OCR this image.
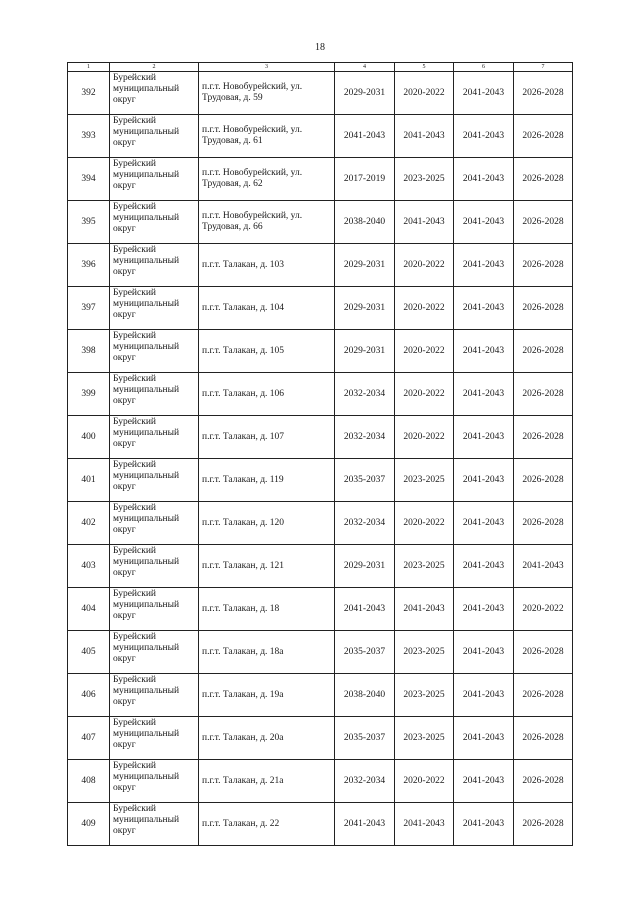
18
1	2	3	4	5	6	7
392	Бурейский муниципальный округ	п.г.т. Новобурейский, ул. Трудовая, д. 59	2029-2031	2020-2022	2041-2043	2026-2028
393	Бурейский муниципальный округ	п.г.т. Новобурейский, ул. Трудовая, д. 61	2041-2043	2041-2043	2041-2043	2026-2028
394	Бурейский муниципальный округ	п.г.т. Новобурейский, ул. Трудовая, д. 62	2017-2019	2023-2025	2041-2043	2026-2028
395	Бурейский муниципальный округ	п.г.т. Новобурейский, ул. Трудовая, д. 66	2038-2040	2041-2043	2041-2043	2026-2028
396	Бурейский муниципальный округ	п.г.т. Талакан, д. 103	2029-2031	2020-2022	2041-2043	2026-2028
397	Бурейский муниципальный округ	п.г.т. Талакан, д. 104	2029-2031	2020-2022	2041-2043	2026-2028
398	Бурейский муниципальный округ	п.г.т. Талакан, д. 105	2029-2031	2020-2022	2041-2043	2026-2028
399	Бурейский муниципальный округ	п.г.т. Талакан, д. 106	2032-2034	2020-2022	2041-2043	2026-2028
400	Бурейский муниципальный округ	п.г.т. Талакан, д. 107	2032-2034	2020-2022	2041-2043	2026-2028
401	Бурейский муниципальный округ	п.г.т. Талакан, д. 119	2035-2037	2023-2025	2041-2043	2026-2028
402	Бурейский муниципальный округ	п.г.т. Талакан, д. 120	2032-2034	2020-2022	2041-2043	2026-2028
403	Бурейский муниципальный округ	п.г.т. Талакан, д. 121	2029-2031	2023-2025	2041-2043	2041-2043
404	Бурейский муниципальный округ	п.г.т. Талакан, д. 18	2041-2043	2041-2043	2041-2043	2020-2022
405	Бурейский муниципальный округ	п.г.т. Талакан, д. 18а	2035-2037	2023-2025	2041-2043	2026-2028
406	Бурейский муниципальный округ	п.г.т. Талакан, д. 19а	2038-2040	2023-2025	2041-2043	2026-2028
407	Бурейский муниципальный округ	п.г.т. Талакан, д. 20а	2035-2037	2023-2025	2041-2043	2026-2028
408	Бурейский муниципальный округ	п.г.т. Талакан, д. 21а	2032-2034	2020-2022	2041-2043	2026-2028
409	Бурейский муниципальный округ	п.г.т. Талакан, д. 22	2041-2043	2041-2043	2041-2043	2026-2028
